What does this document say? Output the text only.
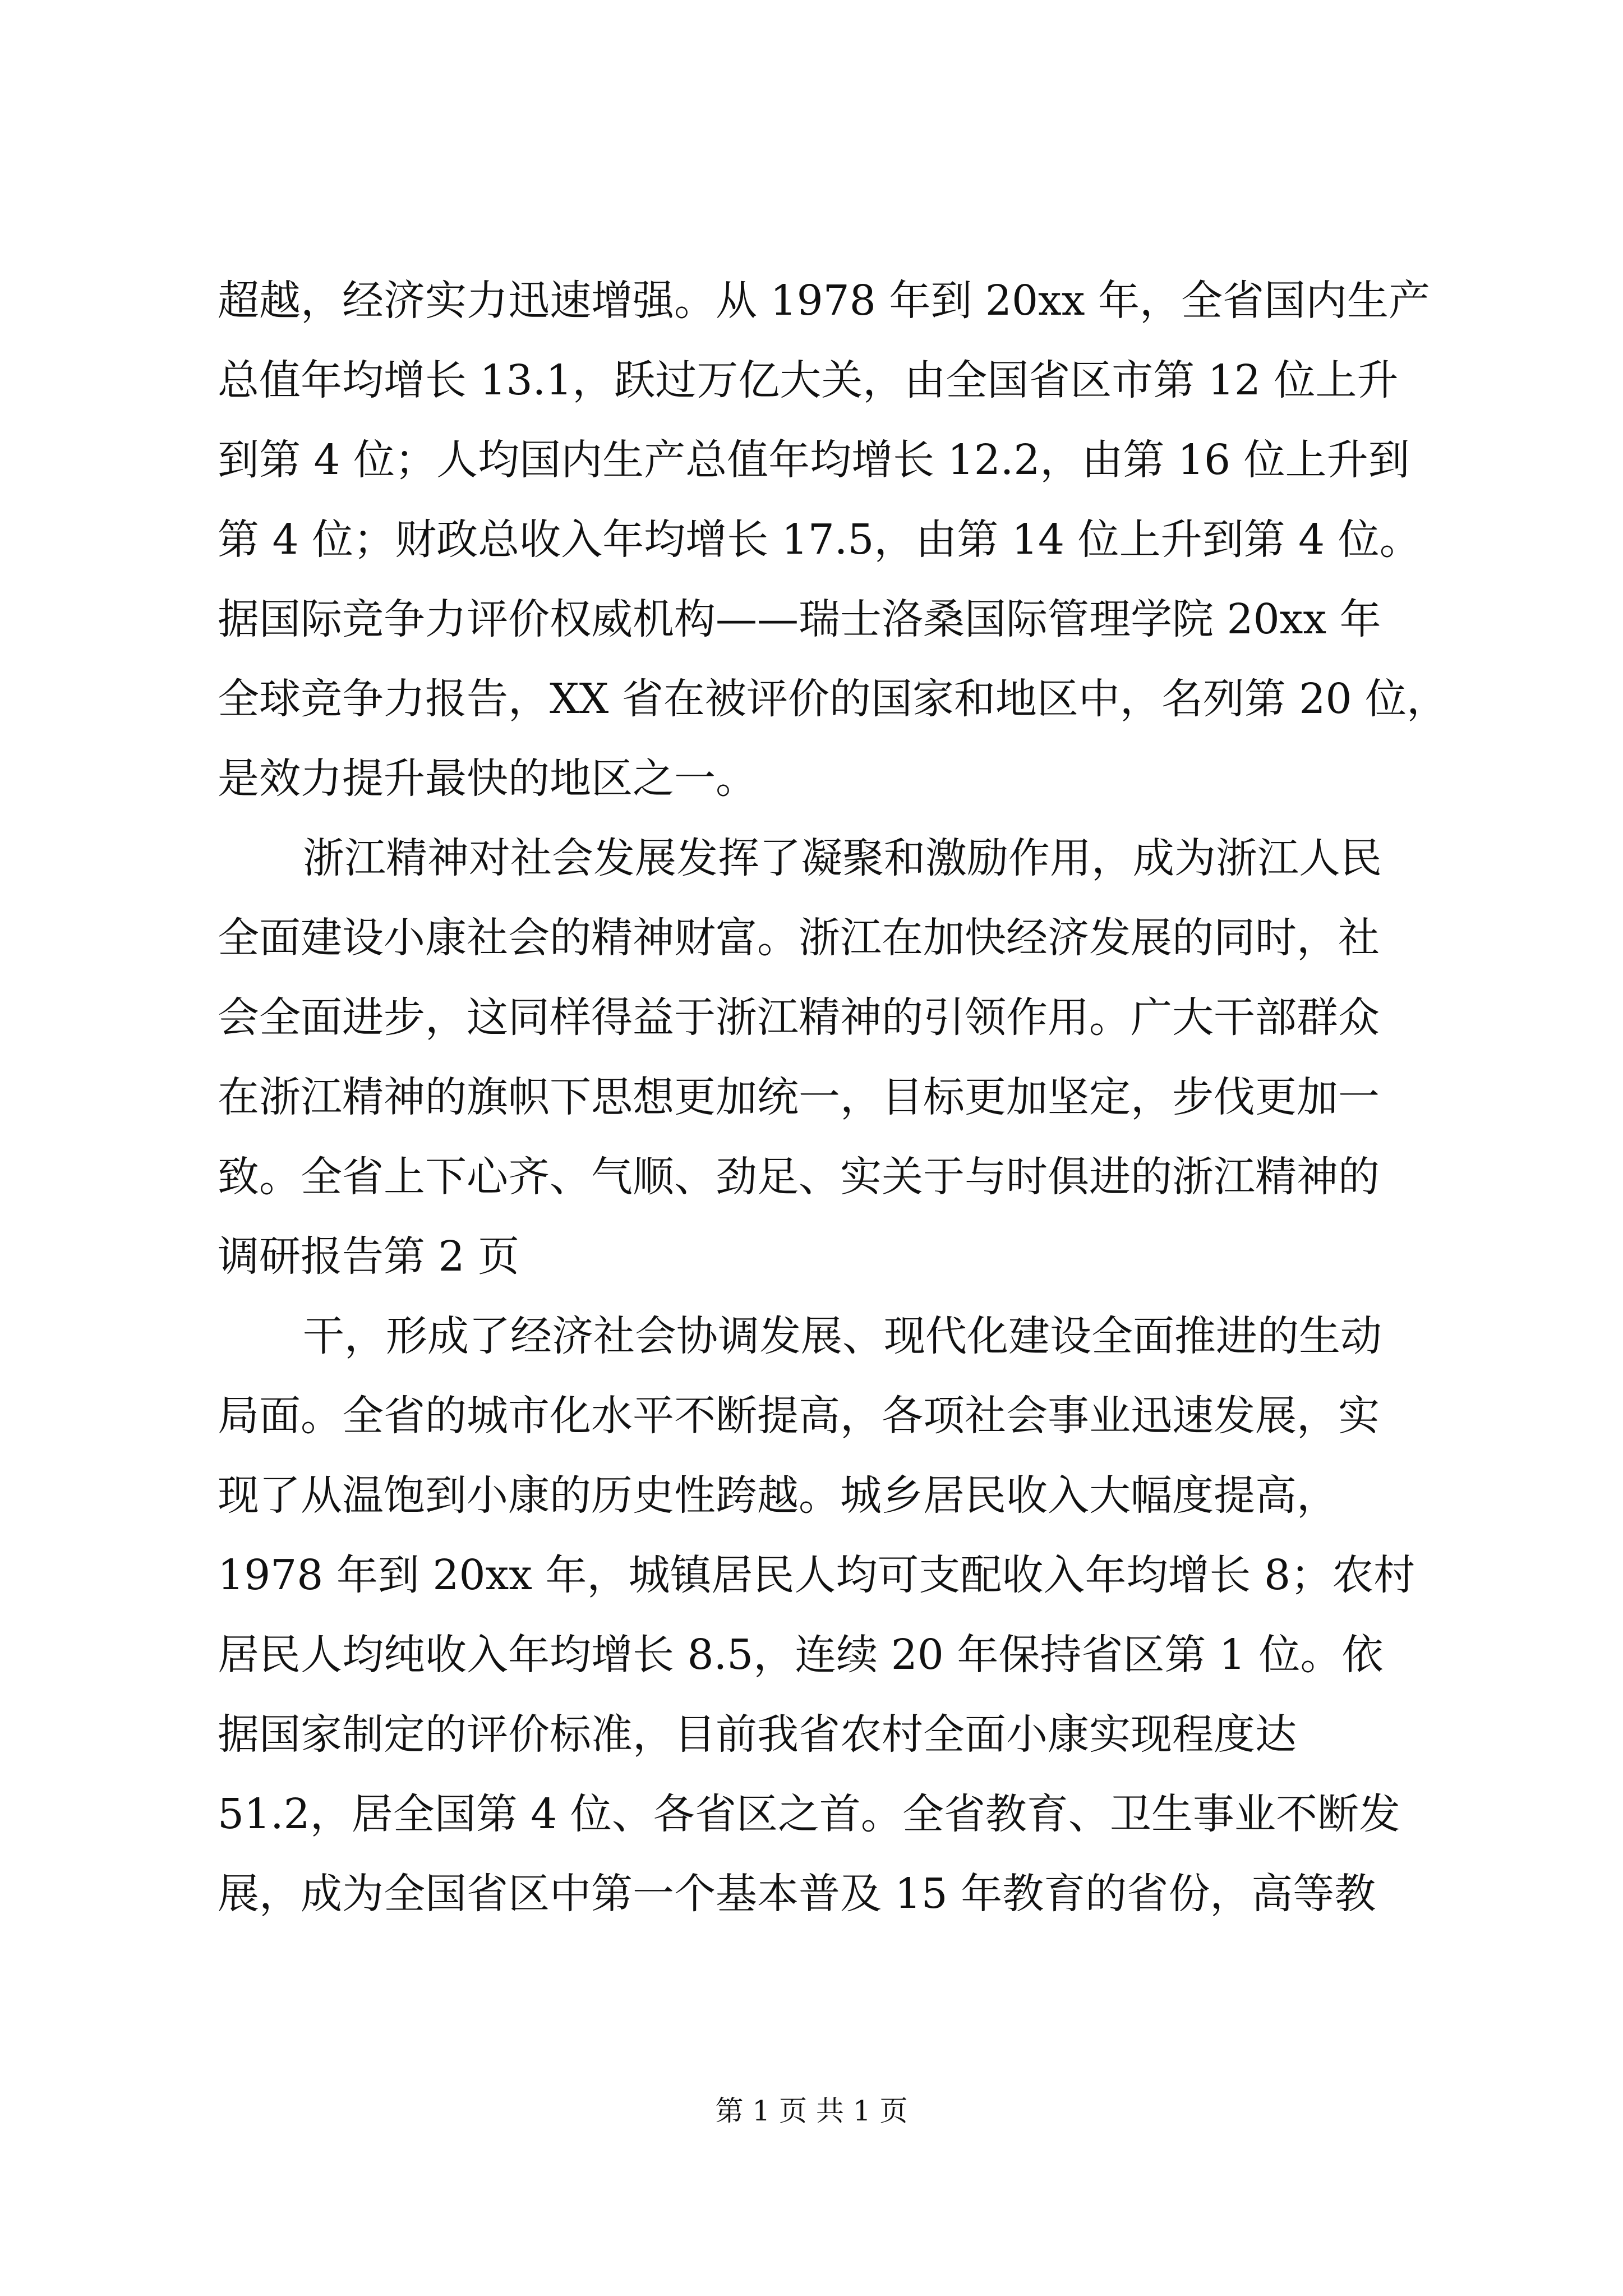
超越，经济实力迅速增强。从 1978 年到 20xx 年，全省国内生产
总值年均增长 13.1，跃过万亿大关，由全国省区市第 12 位上升
到第 4 位；人均国内生产总值年均增长 12.2，由第 16 位上升到
第 4 位；财政总收入年均增长 17.5，由第 14 位上升到第 4 位。
据国际竞争力评价权威机构——瑞士洛桑国际管理学院 20xx 年
全球竞争力报告，XX 省在被评价的国家和地区中，名列第 20 位，
是效力提升最快的地区之一。
浙江精神对社会发展发挥了凝聚和激励作用，成为浙江人民
全面建设小康社会的精神财富。浙江在加快经济发展的同时，社
会全面进步，这同样得益于浙江精神的引领作用。广大干部群众
在浙江精神的旗帜下思想更加统一，目标更加坚定，步伐更加一
致。全省上下心齐、气顺、劲足、实关于与时俱进的浙江精神的
调研报告第 2 页
干，形成了经济社会协调发展、现代化建设全面推进的生动
局面。全省的城市化水平不断提高，各项社会事业迅速发展，实
现了从温饱到小康的历史性跨越。城乡居民收入大幅度提高，
1978 年到 20xx 年，城镇居民人均可支配收入年均增长 8；农村
居民人均纯收入年均增长 8.5，连续 20 年保持省区第 1 位。依
据国家制定的评价标准，目前我省农村全面小康实现程度达
51.2，居全国第 4 位、各省区之首。全省教育、卫生事业不断发
展，成为全国省区中第一个基本普及 15 年教育的省份，高等教
第 1 页 共 1 页
